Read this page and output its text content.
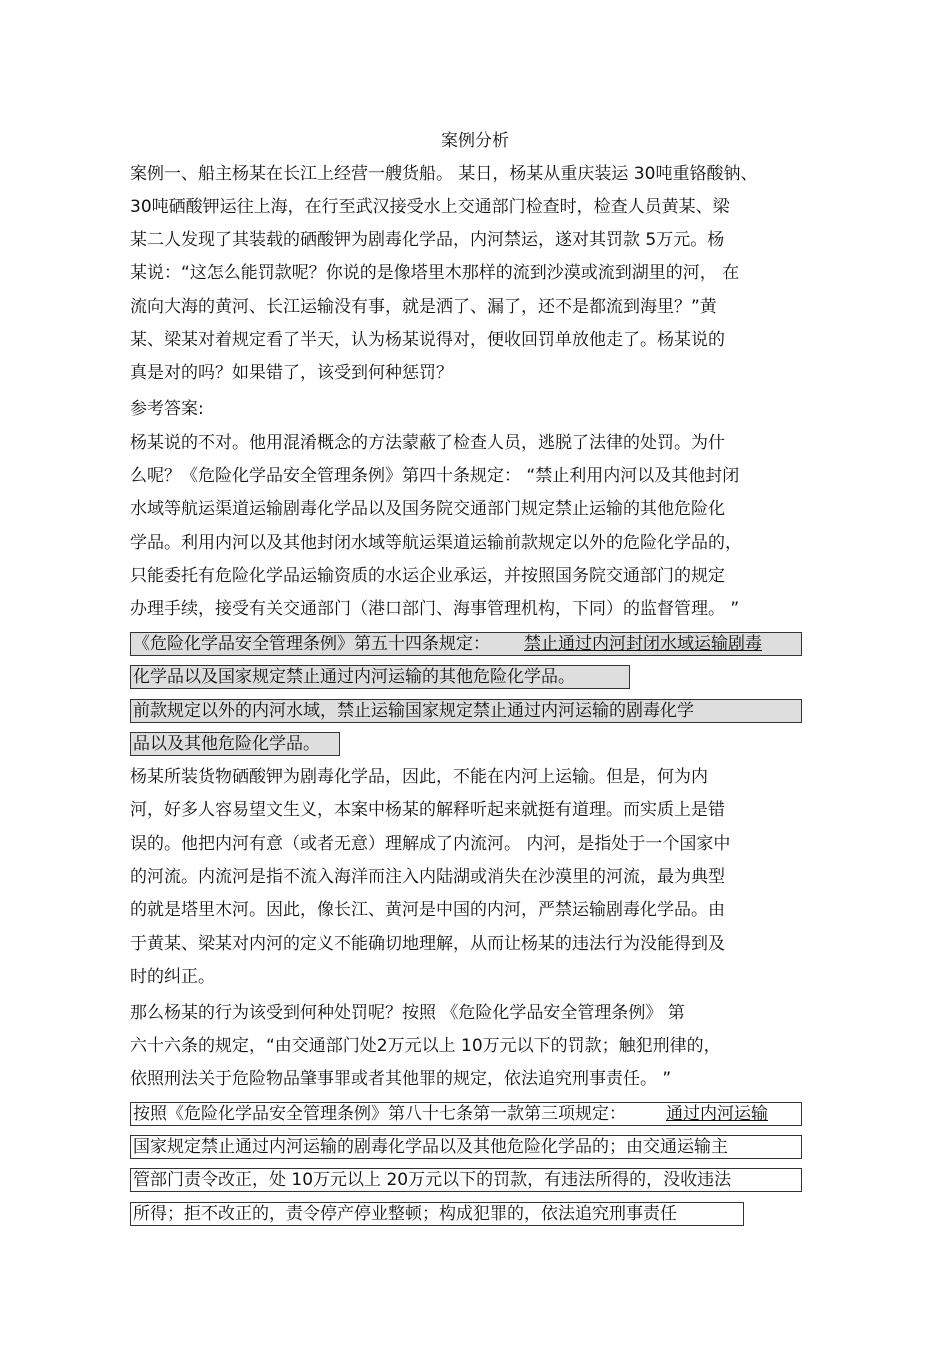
案例分析
案例一、船主杨某在长江上经营一艘货船。 某日，杨某从重庆装运 30吨重铬酸钠、
30吨硒酸钾运往上海，在行至武汉接受水上交通部门检查时，检查人员黄某、梁
某二人发现了其装载的硒酸钾为剧毒化学品，内河禁运，遂对其罚款 5万元。杨
某说：“这怎么能罚款呢？你说的是像塔里木那样的流到沙漠或流到湖里的河， 在
流向大海的黄河、长江运输没有事，就是洒了、漏了，还不是都流到海里？”黄
某、梁某对着规定看了半天，认为杨某说得对，便收回罚单放他走了。杨某说的
真是对的吗？如果错了，该受到何种惩罚？
参考答案:
杨某说的不对。他用混淆概念的方法蒙蔽了检查人员，逃脱了法律的处罚。为什
么呢？《危险化学品安全管理条例》第四十条规定： “禁止利用内河以及其他封闭
水域等航运渠道运输剧毒化学品以及国务院交通部门规定禁止运输的其他危险化
学品。利用内河以及其他封闭水域等航运渠道运输前款规定以外的危险化学品的，
只能委托有危险化学品运输资质的水运企业承运，并按照国务院交通部门的规定
办理手续，接受有关交通部门（港口部门、海事管理机构，下同）的监督管理。 ”
《危险化学品安全管理条例》第五十四条规定： 禁止通过内河封闭水域运输剧毒
化学品以及国家规定禁止通过内河运输的其他危险化学品。
前款规定以外的内河水域，禁止运输国家规定禁止通过内河运输的剧毒化学
品以及其他危险化学品。
杨某所装货物硒酸钾为剧毒化学品，因此，不能在内河上运输。但是，何为内
河，好多人容易望文生义，本案中杨某的解释听起来就挺有道理。而实质上是错
误的。他把内河有意（或者无意）理解成了内流河。 内河，是指处于一个国家中
的河流。内流河是指不流入海洋而注入内陆湖或消失在沙漠里的河流，最为典型
的就是塔里木河。因此，像长江、黄河是中国的内河，严禁运输剧毒化学品。由
于黄某、梁某对内河的定义不能确切地理解，从而让杨某的违法行为没能得到及
时的纠正。
那么杨某的行为该受到何种处罚呢？按照 《危险化学品安全管理条例》 第
六十六条的规定，“由交通部门处2万元以上 10万元以下的罚款；触犯刑律的，
依照刑法关于危险物品肇事罪或者其他罪的规定，依法追究刑事责任。 ”
按照《危险化学品安全管理条例》第八十七条第一款第三项规定： 通过内河运输
国家规定禁止通过内河运输的剧毒化学品以及其他危险化学品的；由交通运输主
管部门责令改正，处 10万元以上 20万元以下的罚款，有违法所得的，没收违法
所得；拒不改正的，责令停产停业整顿；构成犯罪的，依法追究刑事责任
